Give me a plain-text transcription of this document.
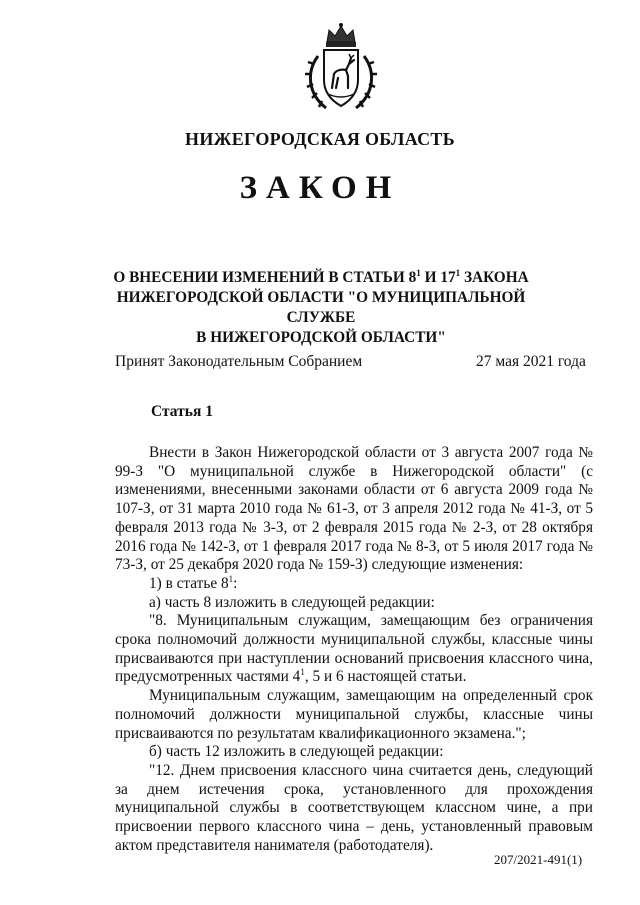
НИЖЕГОРОДСКАЯ ОБЛАСТЬ
ЗАКОН
О ВНЕСЕНИИ ИЗМЕНЕНИЙ В СТАТЬИ $8^1$ И $17^1$ ЗАКОНА
НИЖЕГОРОДСКОЙ ОБЛАСТИ "О МУНИЦИПАЛЬНОЙ СЛУЖБЕ
В НИЖЕГОРОДСКОЙ ОБЛАСТИ"
Принят Законодательным Собранием	27 мая 2021 года
Статья 1

Внести в Закон Нижегородской области от 3 августа 2007 года № 99-З "О муниципальной службе в Нижегородской области" (с изменениями, внесенными законами области от 6 августа 2009 года № 107-З, от 31 марта 2010 года № 61-З, от 3 апреля 2012 года № 41-З, от 5 февраля 2013 года № 3-З, от 2 февраля 2015 года № 2-З, от 28 октября 2016 года № 142-З, от 1 февраля 2017 года № 8-З, от 5 июля 2017 года № 73-З, от 25 декабря 2020 года № 159-З) следующие изменения:

1) в статье $8^1$:

а) часть 8 изложить в следующей редакции:

"8. Муниципальным служащим, замещающим без ограничения срока полномочий должности муниципальной службы, классные чины присваиваются при наступлении оснований присвоения классного чина, предусмотренных частями $4^1$, 5 и 6 настоящей статьи.

Муниципальным служащим, замещающим на определенный срок полномочий должности муниципальной службы, классные чины присваиваются по результатам квалификационного экзамена.";

б) часть 12 изложить в следующей редакции:

"12. Днем присвоения классного чина считается день, следующий за днем истечения срока, установленного для прохождения муниципальной службы в соответствующем классном чине, а при присвоении первого классного чина – день, установленный правовым актом представителя нанимателя (работодателя).

207/2021-491(1)
